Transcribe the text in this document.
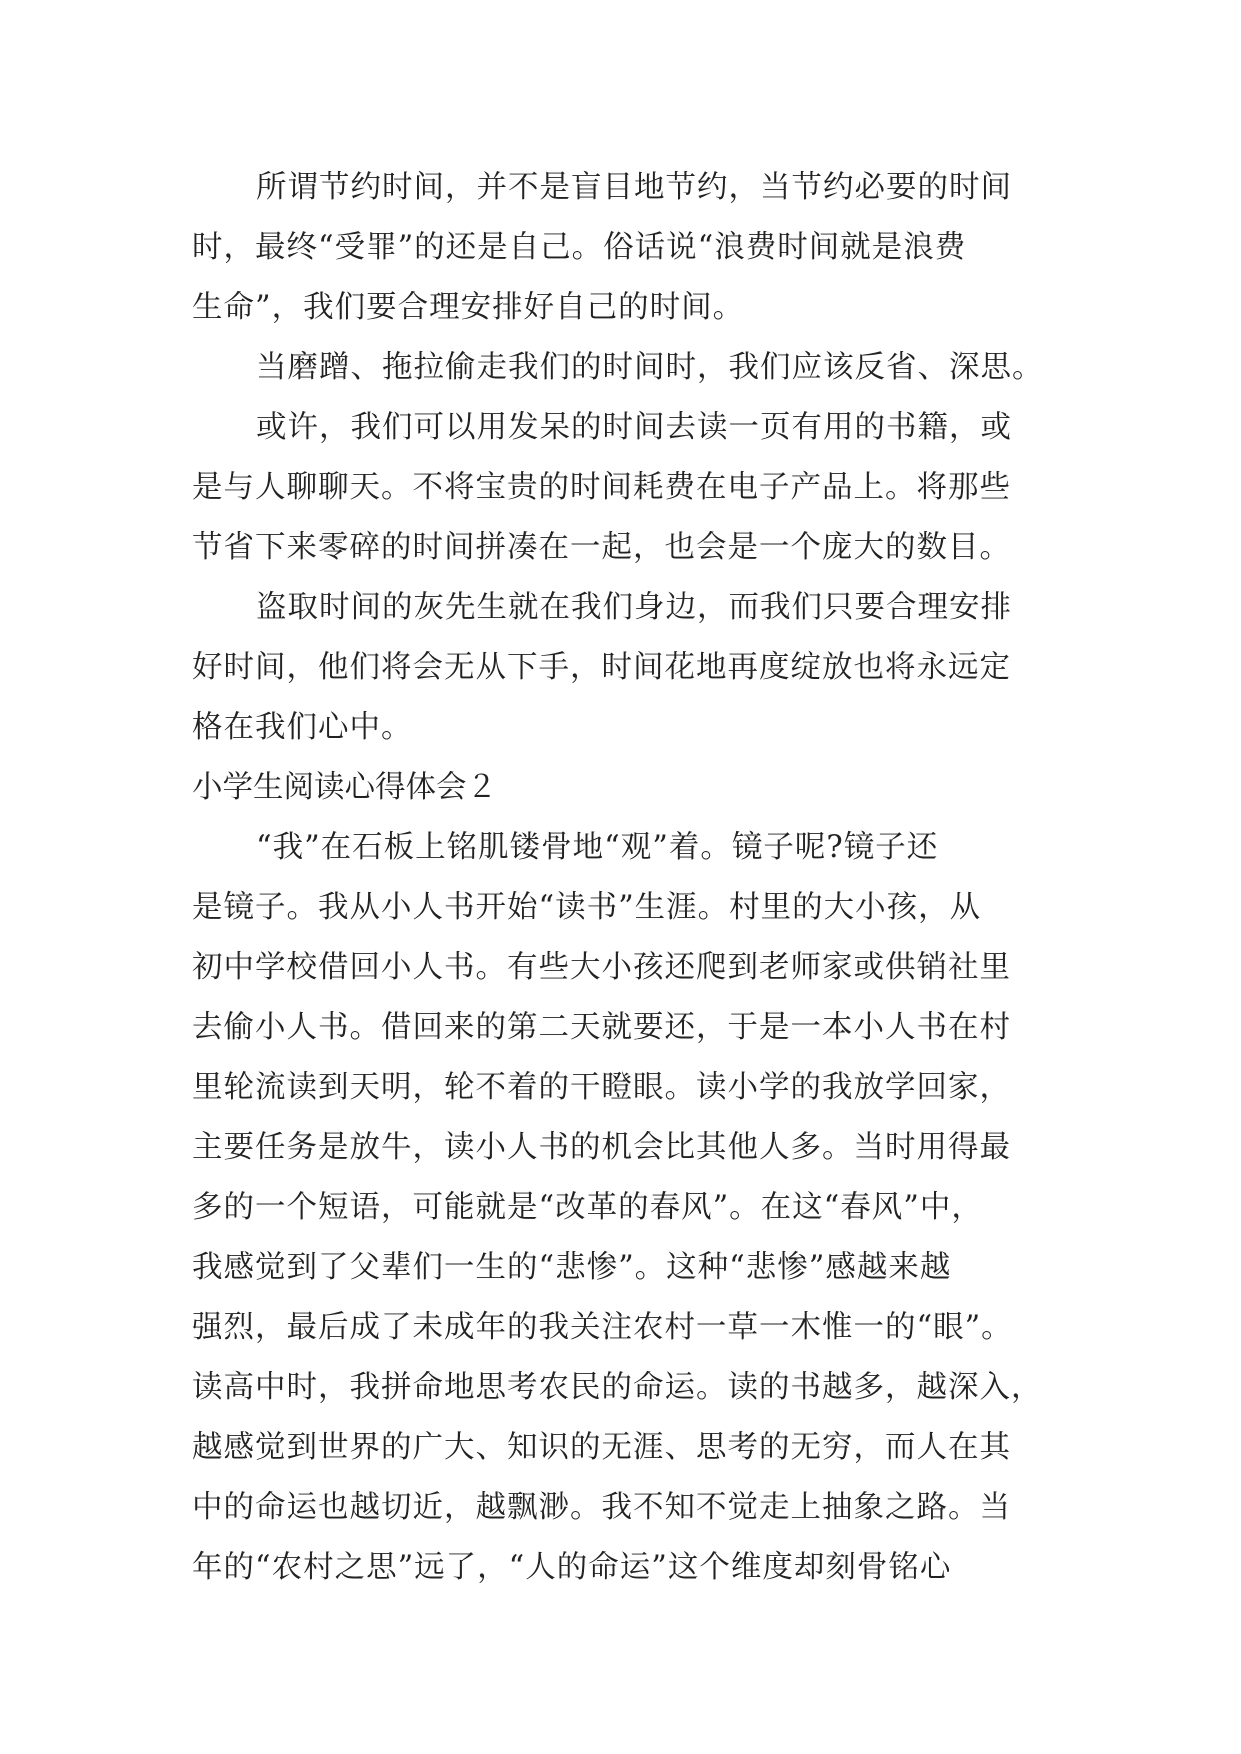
所谓节约时间，并不是盲目地节约，当节约必要的时间
时，最终“受罪”的还是自己。俗话说“浪费时间就是浪费
生命”，我们要合理安排好自己的时间。
当磨蹭、拖拉偷走我们的时间时，我们应该反省、深思。
或许，我们可以用发呆的时间去读一页有用的书籍，或
是与人聊聊天。不将宝贵的时间耗费在电子产品上。将那些
节省下来零碎的时间拼凑在一起，也会是一个庞大的数目。
盗取时间的灰先生就在我们身边，而我们只要合理安排
好时间，他们将会无从下手，时间花地再度绽放也将永远定
格在我们心中。
小学生阅读心得体会２
“我”在石板上铭肌镂骨地“观”着。镜子呢?镜子还
是镜子。我从小人书开始“读书”生涯。村里的大小孩，从
初中学校借回小人书。有些大小孩还爬到老师家或供销社里
去偷小人书。借回来的第二天就要还，于是一本小人书在村
里轮流读到天明，轮不着的干瞪眼。读小学的我放学回家，
主要任务是放牛，读小人书的机会比其他人多。当时用得最
多的一个短语，可能就是“改革的春风”。在这“春风”中，
我感觉到了父辈们一生的“悲惨”。这种“悲惨”感越来越
强烈，最后成了未成年的我关注农村一草一木惟一的“眼”。
读高中时，我拼命地思考农民的命运。读的书越多，越深入，
越感觉到世界的广大、知识的无涯、思考的无穷，而人在其
中的命运也越切近，越飘渺。我不知不觉走上抽象之路。当
年的“农村之思”远了，“人的命运”这个维度却刻骨铭心
